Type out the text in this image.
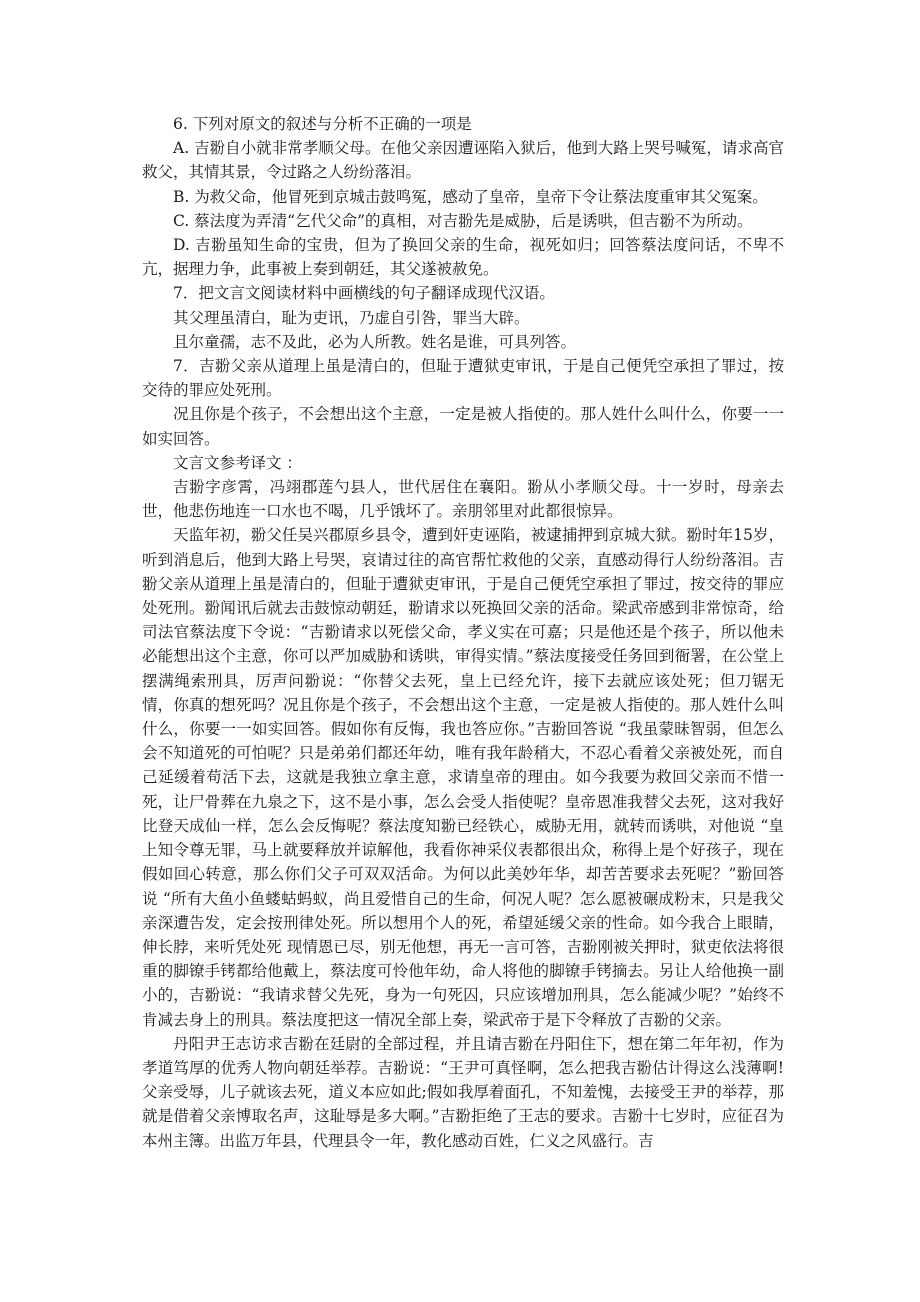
6. 下列对原文的叙述与分析不正确的一项是

A. 吉翂自小就非常孝顺父母。在他父亲因遭诬陷入狱后，他到大路上哭号喊冤，请求高官救父，其情其景，令过路之人纷纷落泪。

B. 为救父命，他冒死到京城击鼓鸣冤，感动了皇帝，皇帝下令让蔡法度重审其父冤案。

C. 蔡法度为弄清“乞代父命”的真相，对吉翂先是威胁，后是诱哄，但吉翂不为所动。

D. 吉翂虽知生命的宝贵，但为了换回父亲的生命，视死如归；回答蔡法度问话，不卑不亢，据理力争，此事被上奏到朝廷，其父遂被赦免。

7．把文言文阅读材料中画横线的句子翻译成现代汉语。

其父理虽清白，耻为吏讯，乃虚自引咎，罪当大辟。

且尔童孺，志不及此，必为人所教。姓名是谁，可具列答。

7．吉翂父亲从道理上虽是清白的，但耻于遭狱吏审讯，于是自己便凭空承担了罪过，按交待的罪应处死刑。

况且你是个孩子，不会想出这个主意，一定是被人指使的。那人姓什么叫什么，你要一一如实回答。

文言文参考译文 ：

吉翂字彦霄，冯翊郡莲勺县人，世代居住在襄阳。翂从小孝顺父母。十一岁时，母亲去世，他悲伤地连一口水也不喝，几乎饿坏了。亲朋邻里对此都很惊异。

天监年初，翂父任吴兴郡原乡县令，遭到奸吏诬陷，被逮捕押到京城大狱。翂时年15岁，听到消息后，他到大路上号哭，哀请过往的高官帮忙救他的父亲，直感动得行人纷纷落泪。吉翂父亲从道理上虽是清白的，但耻于遭狱吏审讯，于是自己便凭空承担了罪过，按交待的罪应处死刑。翂闻讯后就去击鼓惊动朝廷，翂请求以死换回父亲的活命。梁武帝感到非常惊奇，给司法官蔡法度下令说：“吉翂请求以死偿父命，孝义实在可嘉；只是他还是个孩子，所以他未必能想出这个主意，你可以严加威胁和诱哄，审得实情。”蔡法度接受任务回到衙署，在公堂上摆满绳索刑具，厉声问翂说：“你替父去死，皇上已经允许，接下去就应该处死；但刀锯无情，你真的想死吗？况且你是个孩子，不会想出这个主意，一定是被人指使的。那人姓什么叫什么，你要一一如实回答。假如你有反悔，我也答应你。”吉翂回答说 “我虽蒙昧智弱，但怎么会不知道死的可怕呢？只是弟弟们都还年幼，唯有我年龄稍大，不忍心看着父亲被处死，而自己延缓着苟活下去，这就是我独立拿主意，求请皇帝的理由。如今我要为救回父亲而不惜一死，让尸骨葬在九泉之下，这不是小事，怎么会受人指使呢？皇帝恩准我替父去死，这对我好比登天成仙一样，怎么会反悔呢？蔡法度知翂已经铁心，威胁无用，就转而诱哄，对他说 “皇上知令尊无罪，马上就要释放并谅解他，我看你神采仪表都很出众，称得上是个好孩子，现在假如回心转意，那么你们父子可双双活命。为何以此美妙年华，却苦苦要求去死呢？”翂回答说 “所有大鱼小鱼蝼蛄蚂蚁，尚且爱惜自己的生命，何况人呢？怎么愿被碾成粉末，只是我父亲深遭告发，定会按刑律处死。所以想用个人的死，希望延缓父亲的性命。如今我合上眼睛，伸长脖，来听凭处死 现情恩已尽，别无他想，再无一言可答，吉翂刚被关押时，狱吏依法将很重的脚镣手铐都给他戴上，蔡法度可怜他年幼，命人将他的脚镣手铐摘去。另让人给他换一副小的，吉翂说：“我请求替父先死，身为一句死囚，只应该增加刑具，怎么能减少呢？”始终不肯减去身上的刑具。蔡法度把这一情况全部上奏，梁武帝于是下令释放了吉翂的父亲。

丹阳尹王志访求吉翂在廷尉的全部过程，并且请吉翂在丹阳住下，想在第二年年初，作为孝道笃厚的优秀人物向朝廷举荐。吉翂说：“王尹可真怪啊，怎么把我吉翂估计得这么浅薄啊!父亲受辱，儿子就该去死，道义本应如此;假如我厚着面孔，不知羞愧，去接受王尹的举荐，那就是借着父亲博取名声，这耻辱是多大啊。”吉翂拒绝了王志的要求。吉翂十七岁时，应征召为本州主簿。出监万年县，代理县令一年，教化感动百姓，仁义之风盛行。吉
